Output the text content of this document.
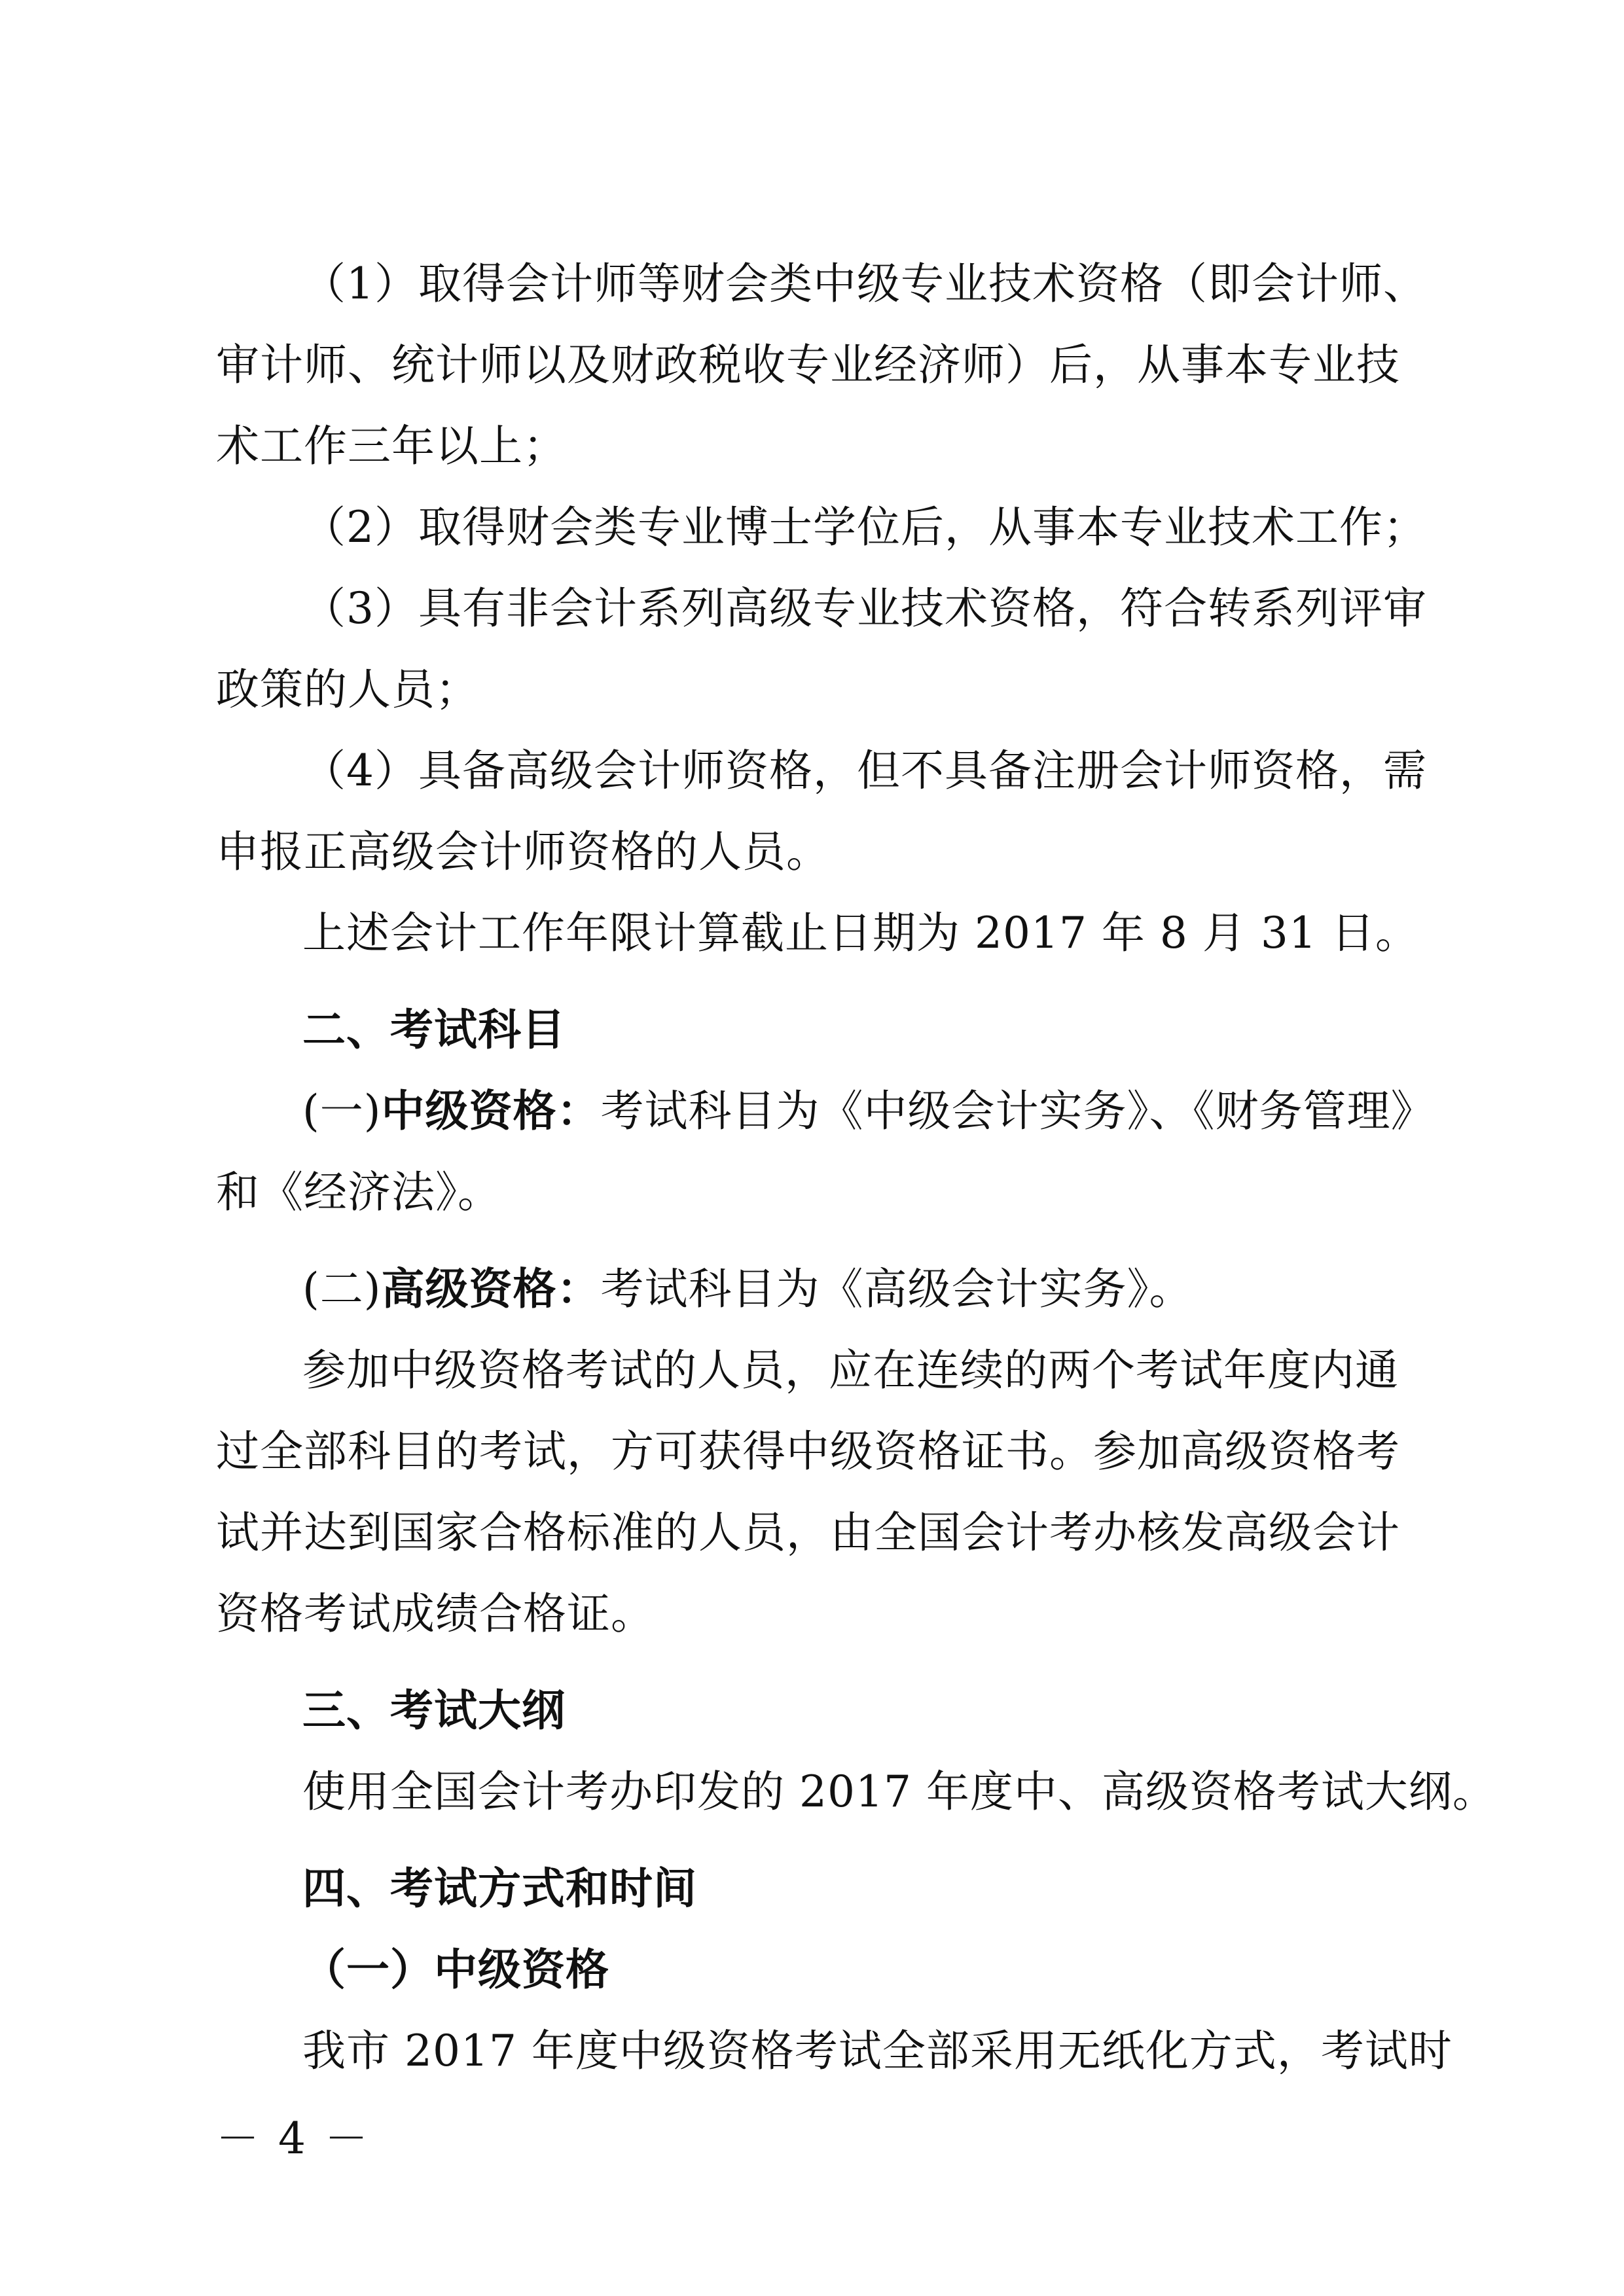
（1）取得会计师等财会类中级专业技术资格（即会计师、
审计师、统计师以及财政税收专业经济师）后，从事本专业技
术工作三年以上；
（2）取得财会类专业博士学位后，从事本专业技术工作；
（3）具有非会计系列高级专业技术资格，符合转系列评审
政策的人员；
（4）具备高级会计师资格，但不具备注册会计师资格，需
申报正高级会计师资格的人员。
上述会计工作年限计算截止日期为 2017 年 8 月 31 日。
二、考试科目
(一)中级资格：考试科目为《中级会计实务》、《财务管理》
和《经济法》。
(二)高级资格：考试科目为《高级会计实务》。
参加中级资格考试的人员，应在连续的两个考试年度内通
过全部科目的考试，方可获得中级资格证书。参加高级资格考
试并达到国家合格标准的人员，由全国会计考办核发高级会计
资格考试成绩合格证。
三、考试大纲
使用全国会计考办印发的 2017 年度中、高级资格考试大纲。
四、考试方式和时间
（一）中级资格
我市 2017 年度中级资格考试全部采用无纸化方式，考试时
－ 4 －
